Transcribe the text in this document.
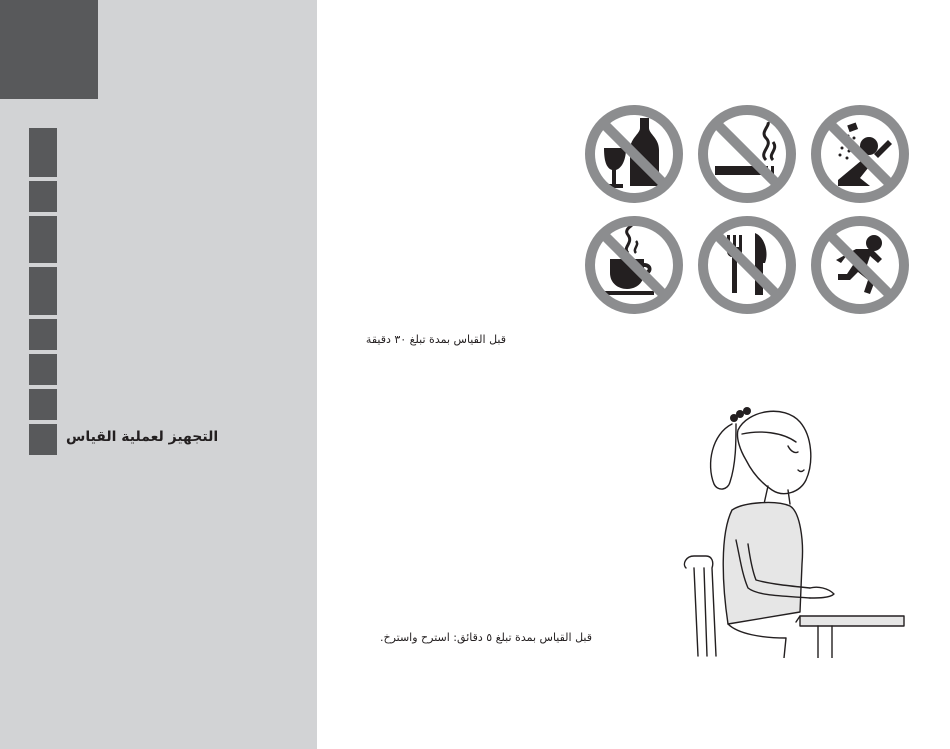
التجهيز لعملية القياس
قبل القياس بمدة تبلغ ٣٠ دقيقة
قبل القياس بمدة تبلغ ٥ دقائق: استرح واسترخ.
